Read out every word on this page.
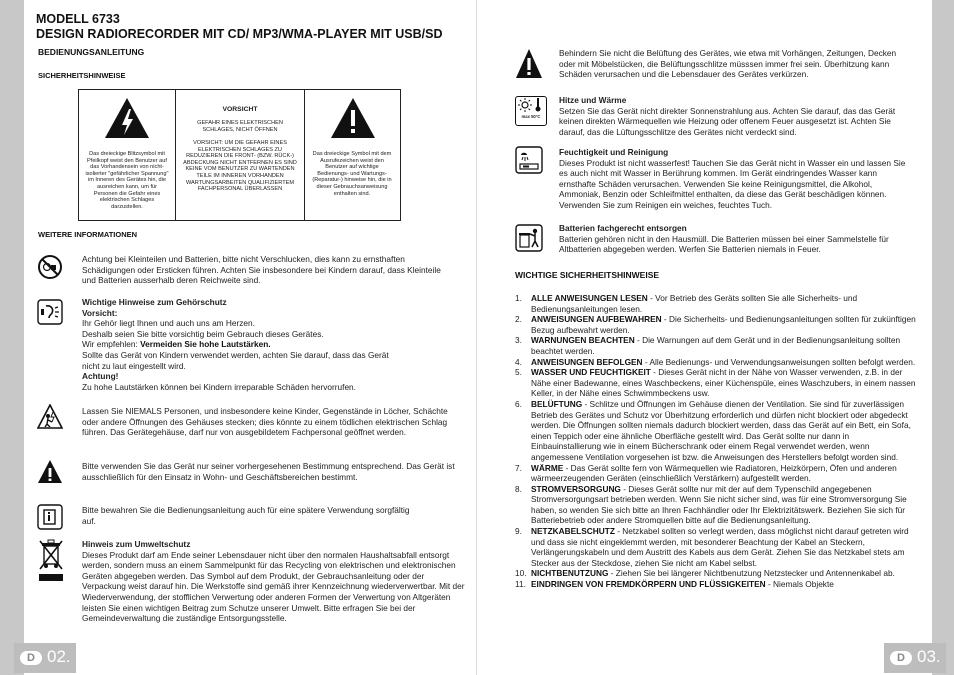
D 02.	D 03.
MODELL 6733
DESIGN RADIORECORDER MIT CD/ MP3/WMA-PLAYER MIT USB/SD
BEDIENUNGSANLEITUNG
SICHERHEITSHINWEISE
Das dreieckige Blitzsymbol mit Pfeilkopf weist den Benutzer auf das Vorhandensein von nicht-isolierter "gefährlicher Spannung" im Inneren des Gerätes hin, die ausreichen kann, um für Personen die Gefahr eines elektrischen Schlages darzustellen.
VORSICHT
GEFAHR EINES ELEKTRISCHEN SCHLAGES, NICHT ÖFFNEN
VORSICHT: UM DIE GEFAHR EINES ELEKTRISCHEN SCHLAGES ZU REDUZIEREN DIE FRONT- (BZW. RÜCK-) ABDECKUNG NICHT ENTFERNEN ES SIND KEINE VOM BENUTZER ZU WARTENDEN TEILE IM INNEREN VORHANDEN WARTUNGSARBEITEN QUALIFIZIERTEM FACHPERSONAL ÜBERLASSEN
Das dreieckige Symbol mit dem Ausrufezeichen weist den Benutzer auf wichtige Bedienungs- und Wartungs- (Reparatur-) hinweise hin, die in dieser Gebrauchsanweisung enthalten sind.
WEITERE INFORMATIONEN
Achtung bei Kleinteilen und Batterien, bitte nicht Verschlucken, dies kann zu ernsthaften Schädigungen oder Ersticken führen. Achten Sie insbesondere bei Kindern darauf, dass Kleinteile und Batterien ausserhalb deren Reichweite sind.
Wichtige Hinweise zum Gehörschutz
Vorsicht:
Ihr Gehör liegt Ihnen und auch uns am Herzen.
Deshalb seien Sie bitte vorsichtig beim Gebrauch dieses Gerätes.
Wir empfehlen: Vermeiden Sie hohe Lautstärken.
Sollte das Gerät von Kindern verwendet werden, achten Sie darauf, dass das Gerät nicht zu laut eingestellt wird.
Achtung!
Zu hohe Lautstärken können bei Kindern irreparable Schäden hervorrufen.
Lassen Sie NIEMALS Personen, und insbesondere keine Kinder, Gegenstände in Löcher, Schächte oder andere Öffnungen des Gehäuses stecken; dies könnte zu einem tödlichen elektrischen Schlag führen. Das Gerätegehäuse, darf nur von ausgebildetem Fachpersonal geöffnet werden.
Bitte verwenden Sie das Gerät nur seiner vorhergesehenen Bestimmung entsprechend. Das Gerät ist ausschließlich für den Einsatz in Wohn- und Geschäftsbereichen bestimmt.
Bitte bewahren Sie die Bedienungsanleitung auch für eine spätere Verwendung sorgfältig auf.
Hinweis zum Umweltschutz
Dieses Produkt darf am Ende seiner Lebensdauer nicht über den normalen Haushaltsabfall entsorgt werden, sondern muss an einem Sammelpunkt für das Recycling von elektrischen und elektronischen Geräten abgegeben werden. Das Symbol auf dem Produkt, der Gebrauchsanleitung oder der Verpackung weist darauf hin. Die Werkstoffe sind gemäß ihrer Kennzeichnung wiederverwertbar. Mit der Wiederverwendung, der stofflichen Verwertung oder anderen Formen der Verwertung von Altgeräten leisten Sie einen wichtigen Beitrag zum Schutze unserer Umwelt. Bitte erfragen Sie bei der Gemeindeverwaltung die zuständige Entsorgungsstelle.
Behindern Sie nicht die Belüftung des Gerätes, wie etwa mit Vorhängen, Zeitungen, Decken oder mit Möbelstücken, die Belüftungsschlitze müsssen immer frei sein. Überhitzung kann Schäden verursachen und die Lebensdauer des Gerätes verkürzen.
max 50°C
Hitze und Wärme
Setzen Sie das Gerät nicht direkter Sonnenstrahlung aus. Achten Sie darauf, das das Gerät keinen direkten Wärmequellen wie Heizung oder offenem Feuer ausgesetzt ist. Achten Sie darauf, das die Lüftungsschlitze des Gerätes nicht verdeckt sind.
Feuchtigkeit und Reinigung
Dieses Produkt ist nicht wasserfest! Tauchen Sie das Gerät nicht in Wasser ein und lassen Sie es auch nicht mit Wasser in Berührung kommen. Im Gerät eindringendes Wasser kann ernsthafte Schäden verursachen. Verwenden Sie keine Reinigungsmittel, die Alkohol, Ammoniak, Benzin oder Schleifmittel enthalten, da diese das Gerät beschädigen können. Verwenden Sie zum Reinigen ein weiches, feuchtes Tuch.
Batterien fachgerecht entsorgen
Batterien gehören nicht in den Hausmüll. Die Batterien müssen bei einer Sammelstelle für Altbatterien abgegeben werden. Werfen Sie Batterien niemals in Feuer.
WICHTIGE SICHERHEITSHINWEISE
1. ALLE ANWEISUNGEN LESEN - Vor Betrieb des Geräts sollten Sie alle Sicherheits- und Bedienungsanleitungen lesen.
2. ANWEISUNGEN AUFBEWAHREN - Die Sicherheits- und Bedienungsanleitungen sollten für zukünftigen Bezug aufbewahrt werden.
3. WARNUNGEN BEACHTEN - Die Warnungen auf dem Gerät und in der Bedienungsanleitung sollten beachtet werden.
4. ANWEISUNGEN BEFOLGEN - Alle Bedienungs- und Verwendungsanweisungen sollten befolgt werden.
5. WASSER UND FEUCHTIGKEIT - Dieses Gerät nicht in der Nähe von Wasser verwenden, z.B. in der Nähe einer Badewanne, eines Waschbeckens, einer Küchenspüle, eines Waschzubers, in einem nassen Keller, in der Nähe eines Schwimmbeckens usw.
6. BELÜFTUNG - Schlitze und Öffnungen im Gehäuse dienen der Ventilation. Sie sind für zuverlässigen Betrieb des Gerätes und Schutz vor Überhitzung erforderlich und dürfen nicht blockiert oder abgedeckt werden. Die Öffnungen sollten niemals dadurch blockiert werden, dass das Gerät auf ein Bett, ein Sofa, einen Teppich oder eine ähnliche Oberfläche gestellt wird. Das Gerät sollte nur dann in Einbauinstallierung wie in einem Bücherschrank oder einem Regal verwendet werden, wenn angemessene Ventilation vorgesehen ist bzw. die Anweisungen des Herstellers befolgt worden sind.
7. WÄRME - Das Gerät sollte fern von Wärmequellen wie Radiatoren, Heizkörpern, Öfen und anderen wärmeerzeugenden Geräten (einschließlich Verstärkern) aufgestellt werden.
8. STROMVERSORGUNG - Dieses Gerät sollte nur mit der auf dem Typenschild angegebenen Stromversorgungsart betrieben werden. Wenn Sie nicht sicher sind, was für eine Stromversorgung Sie haben, so wenden Sie sich bitte an Ihren Fachhändler oder Ihr Elektrizitätswerk. Beziehen Sie sich für Batteriebetrieb oder andere Stromquellen bitte auf die Bedienungsanleitung.
9. NETZKABELSCHUTZ - Netzkabel sollten so verlegt werden, dass möglichst nicht darauf getreten wird und dass sie nicht eingeklemmt werden, mit besonderer Beachtung der Kabel an Steckern, Verlängerungskabeln und dem Austritt des Kabels aus dem Gerät. Ziehen Sie das Netzkabel stets am Stecker aus der Steckdose, ziehen Sie nicht am Kabel selbst.
10. NICHTBENUTZUNG - Ziehen Sie bei längerer Nichtbenutzung Netzstecker und Antennenkabel ab.
11. EINDRINGEN VON FREMDKÖRPERN UND FLÜSSIGKEITEN - Niemals Objekte
